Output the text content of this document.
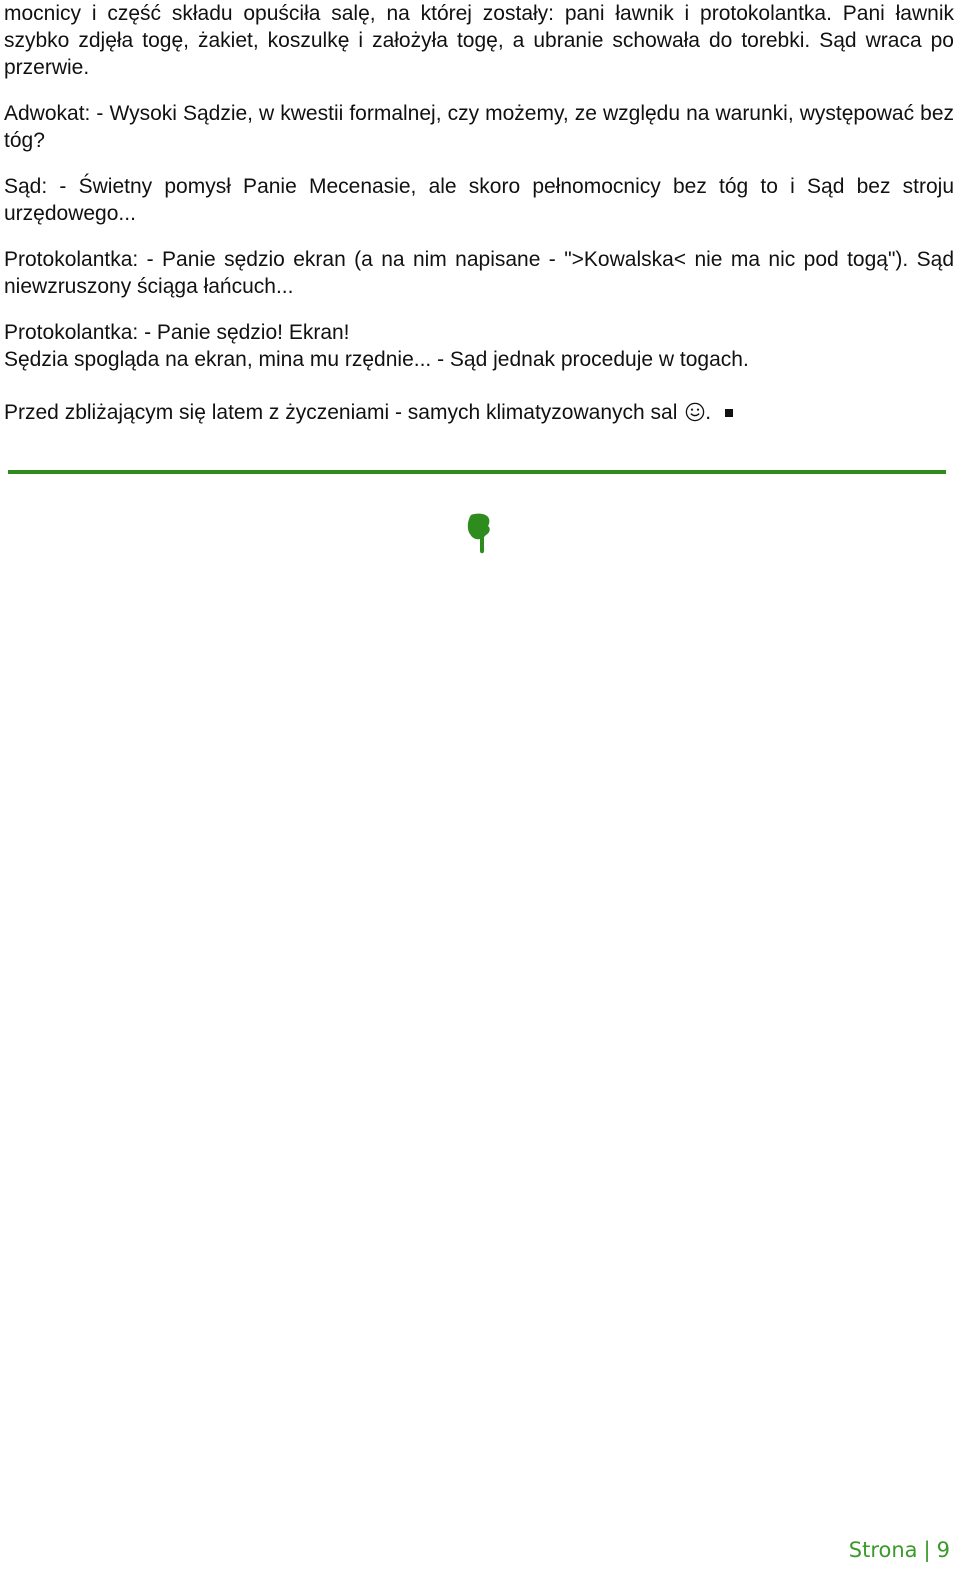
mocnicy i część składu opuściła salę, na której zostały: pani ławnik i protokolantka. Pani ławnik szybko zdjęła togę, żakiet, koszulkę i założyła togę, a ubranie schowała do torebki. Sąd wraca po przerwie.

Adwokat: - Wysoki Sądzie, w kwestii formalnej, czy możemy, ze względu na warunki, występować bez tóg?

Sąd: - Świetny pomysł Panie Mecenasie, ale skoro pełnomocnicy bez tóg to i Sąd bez stroju urzędowego...

Protokolantka: - Panie sędzio ekran (a na nim napisane - ">Kowalska< nie ma nic pod togą"). Sąd niewzruszony ściąga łańcuch...

Protokolantka: - Panie sędzio! Ekran!

Sędzia spogląda na ekran, mina mu rzędnie... - Sąd jednak proceduje w togach.

Przed zbliżającym się latem z życzeniami - samych klimatyzowanych sal .

Strona | 9
